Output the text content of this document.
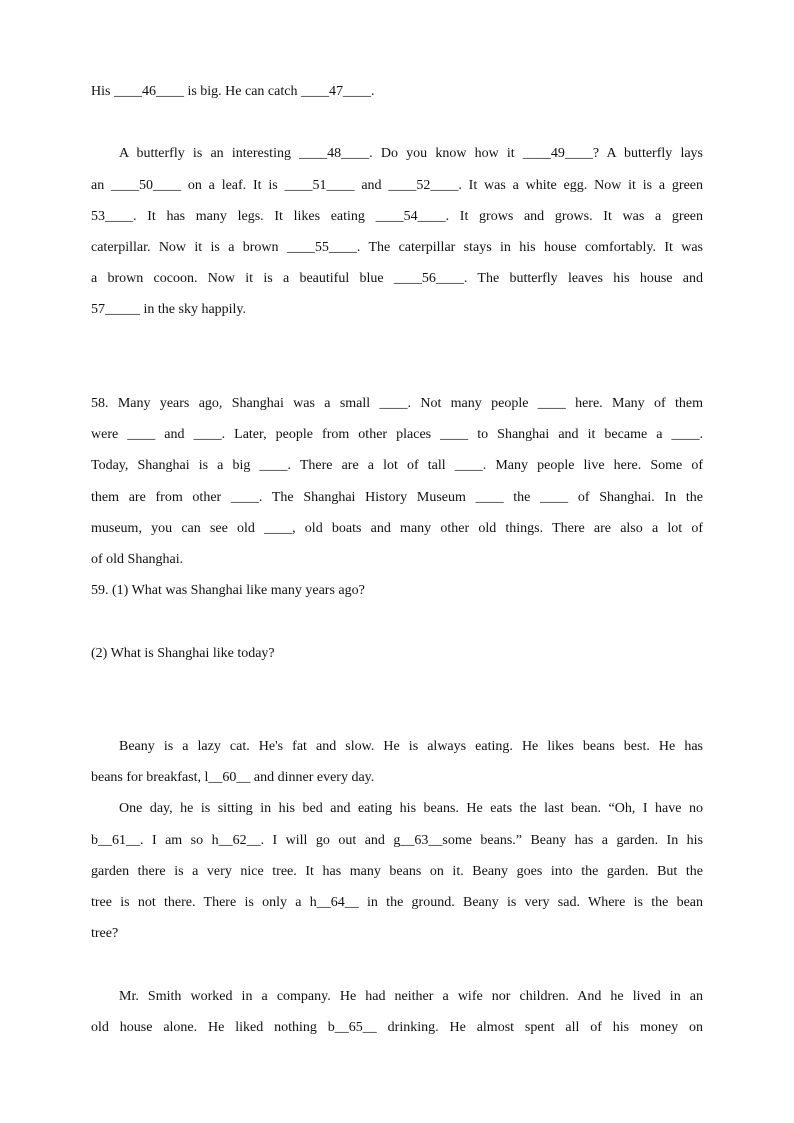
His ____46____ is big. He can catch ____47____.
A butterfly is an interesting ____48____. Do you know how it ____49____? A butterfly lays
an ____50____ on a leaf. It is ____51____ and ____52____. It was a white egg. Now it is a green
53____. It has many legs. It likes eating ____54____. It grows and grows. It was a green
caterpillar. Now it is a brown ____55____. The caterpillar stays in his house comfortably. It was
a brown cocoon. Now it is a beautiful blue ____56____. The butterfly leaves his house and
57_____ in the sky happily.
58. Many years ago, Shanghai was a small ____. Not many people ____ here. Many of them
were ____ and ____. Later, people from other places ____ to Shanghai and it became a ____.
Today, Shanghai is a big ____. There are a lot of tall ____. Many people live here. Some of
them are from other ____. The Shanghai History Museum ____ the ____ of Shanghai. In the
museum, you can see old ____, old boats and many other old things. There are also a lot of
of old Shanghai.
59. (1) What was Shanghai like many years ago?
(2) What is Shanghai like today?
Beany is a lazy cat. He's fat and slow. He is always eating. He likes beans best. He has
beans for breakfast, l__60__ and dinner every day.
One day, he is sitting in his bed and eating his beans. He eats the last bean. “Oh, I have no
b__61__. I am so h__62__. I will go out and g__63__some beans.” Beany has a garden. In his
garden there is a very nice tree. It has many beans on it. Beany goes into the garden. But the
tree is not there. There is only a h__64__ in the ground. Beany is very sad. Where is the bean
tree?
Mr. Smith worked in a company. He had neither a wife nor children. And he lived in an
old house alone. He liked nothing b__65__ drinking. He almost spent all of his money on
